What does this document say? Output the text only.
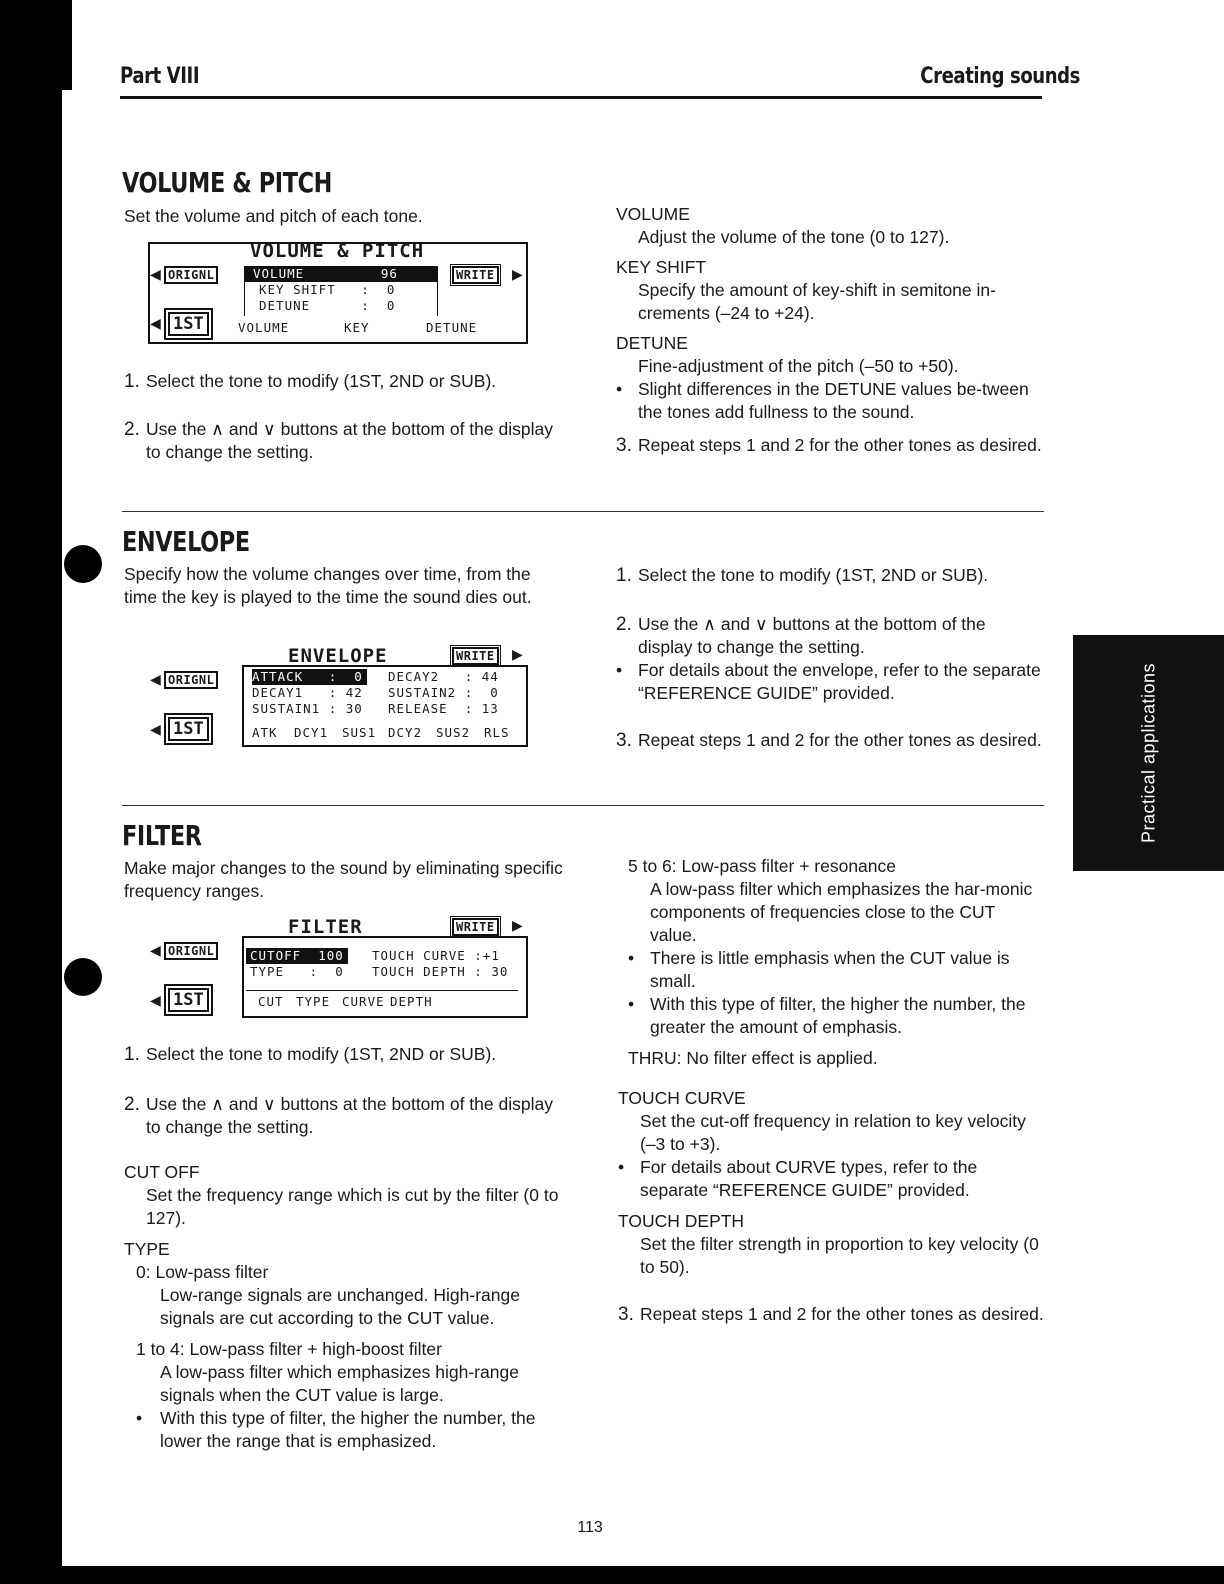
Part VIII	Creating sounds
VOLUME & PITCH
Set the volume and pitch of each tone.
VOLUME & PITCH
◀ ORIGNL	WRITE ▶
◀ 1ST
VOLUME         96
KEY SHIFT   :  0
DETUNE      :  0
VOLUME	KEY	DETUNE
1. Select the tone to modify (1ST, 2ND or SUB).
2. Use the ∧ and ∨ buttons at the bottom of the display to change the setting.

VOLUME

Adjust the volume of the tone (0 to 127).

KEY SHIFT

Specify the amount of key-shift in semitone in-crements (–24 to +24).

DETUNE

Fine-adjustment of the pitch (–50 to +50).

• Slight differences in the DETUNE values be-tween the tones add fullness to the sound.
3. Repeat steps 1 and 2 for the other tones as desired.
ENVELOPE
Specify how the volume changes over time, from the time the key is played to the time the sound dies out.
ENVELOPE	WRITE ▶
◀ ORIGNL
◀ 1ST
ATTACK   :  0
DECAY1   : 42
SUSTAIN1 : 30
DECAY2   : 44
SUSTAIN2 :  0
RELEASE  : 13
ATK DCY1 SUS1 DCY2 SUS2 RLS
1. Select the tone to modify (1ST, 2ND or SUB).
2. Use the ∧ and ∨ buttons at the bottom of the display to change the setting.
• For details about the envelope, refer to the separate “REFERENCE GUIDE” provided.
3. Repeat steps 1 and 2 for the other tones as desired.
FILTER
Make major changes to the sound by eliminating specific frequency ranges.
FILTER	WRITE ▶
◀ ORIGNL
◀ 1ST
CUTOFF  100
TYPE   :  0
TOUCH CURVE :+1
TOUCH DEPTH : 30
CUT TYPE CURVE DEPTH
1. Select the tone to modify (1ST, 2ND or SUB).
2. Use the ∧ and ∨ buttons at the bottom of the display to change the setting.

CUT OFF

Set the frequency range which is cut by the filter (0 to 127).

TYPE

0: Low-pass filter

Low-range signals are unchanged. High-range signals are cut according to the CUT value.

1 to 4: Low-pass filter + high-boost filter

A low-pass filter which emphasizes high-range signals when the CUT value is large.

•	With this type of filter, the higher the number, the lower the range that is emphasized.

5 to 6: Low-pass filter + resonance

A low-pass filter which emphasizes the har-monic components of frequencies close to the CUT value.

• There is little emphasis when the CUT value is small.
• With this type of filter, the higher the number, the greater the amount of emphasis.

THRU: No filter effect is applied.

TOUCH CURVE

Set the cut-off frequency in relation to key velocity (–3 to +3).

• For details about CURVE types, refer to the separate “REFERENCE GUIDE” provided.

TOUCH DEPTH

Set the filter strength in proportion to key velocity (0 to 50).

3. Repeat steps 1 and 2 for the other tones as desired.
Practical applications
113
